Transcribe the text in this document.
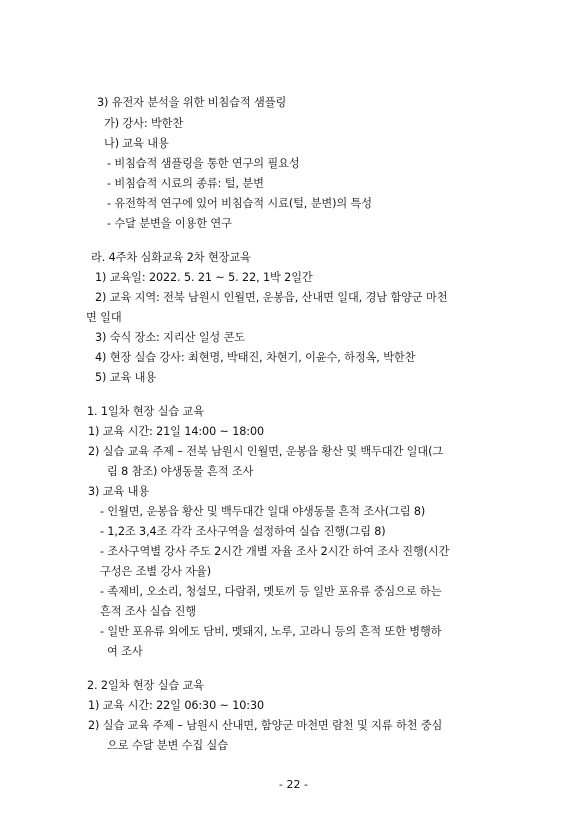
3) 유전자 분석을 위한 비침습적 샘플링
가) 강사: 박한찬
나) 교육 내용
- 비침습적 샘플링을 통한 연구의 필요성
- 비침습적 시료의 종류: 털, 분변
- 유전학적 연구에 있어 비침습적 시료(털, 분변)의 특성
- 수달 분변을 이용한 연구
라. 4주차 심화교육 2차 현장교육
1) 교육일: 2022. 5. 21 ~ 5. 22, 1박 2일간
2) 교육 지역: 전북 남원시 인월면, 운봉읍, 산내면 일대, 경남 함양군 마천
면 일대
3) 숙식 장소: 지리산 일성 콘도
4) 현장 실습 강사: 최현명, 박태진, 차현기, 이윤수, 하정옥, 박한찬
5) 교육 내용
1. 1일차 현장 실습 교육
1) 교육 시간: 21일 14:00 ~ 18:00
2) 실습 교육 주제 – 전북 남원시 인월면, 운봉읍 황산 및 백두대간 일대(그
림 8 참조) 야생동물 흔적 조사
3) 교육 내용
- 인월면, 운봉읍 황산 및 백두대간 일대 야생동물 흔적 조사(그림 8)
- 1,2조 3,4조 각각 조사구역을 설정하여 실습 진행(그림 8)
- 조사구역별 강사 주도 2시간 개별 자율 조사 2시간 하여 조사 진행(시간
구성은 조별 강사 자율)
- 족제비, 오소리, 청설모, 다람쥐, 멧토끼 등 일반 포유류 중심으로 하는
흔적 조사 실습 진행
- 일반 포유류 외에도 담비, 멧돼지, 노루, 고라니 등의 흔적 또한 병행하
여 조사
2. 2일차 현장 실습 교육
1) 교육 시간: 22일 06:30 ~ 10:30
2) 실습 교육 주제 – 남원시 산내면, 함양군 마천면 람천 및 지류 하천 중심
으로 수달 분변 수집 실습
- 22 -
